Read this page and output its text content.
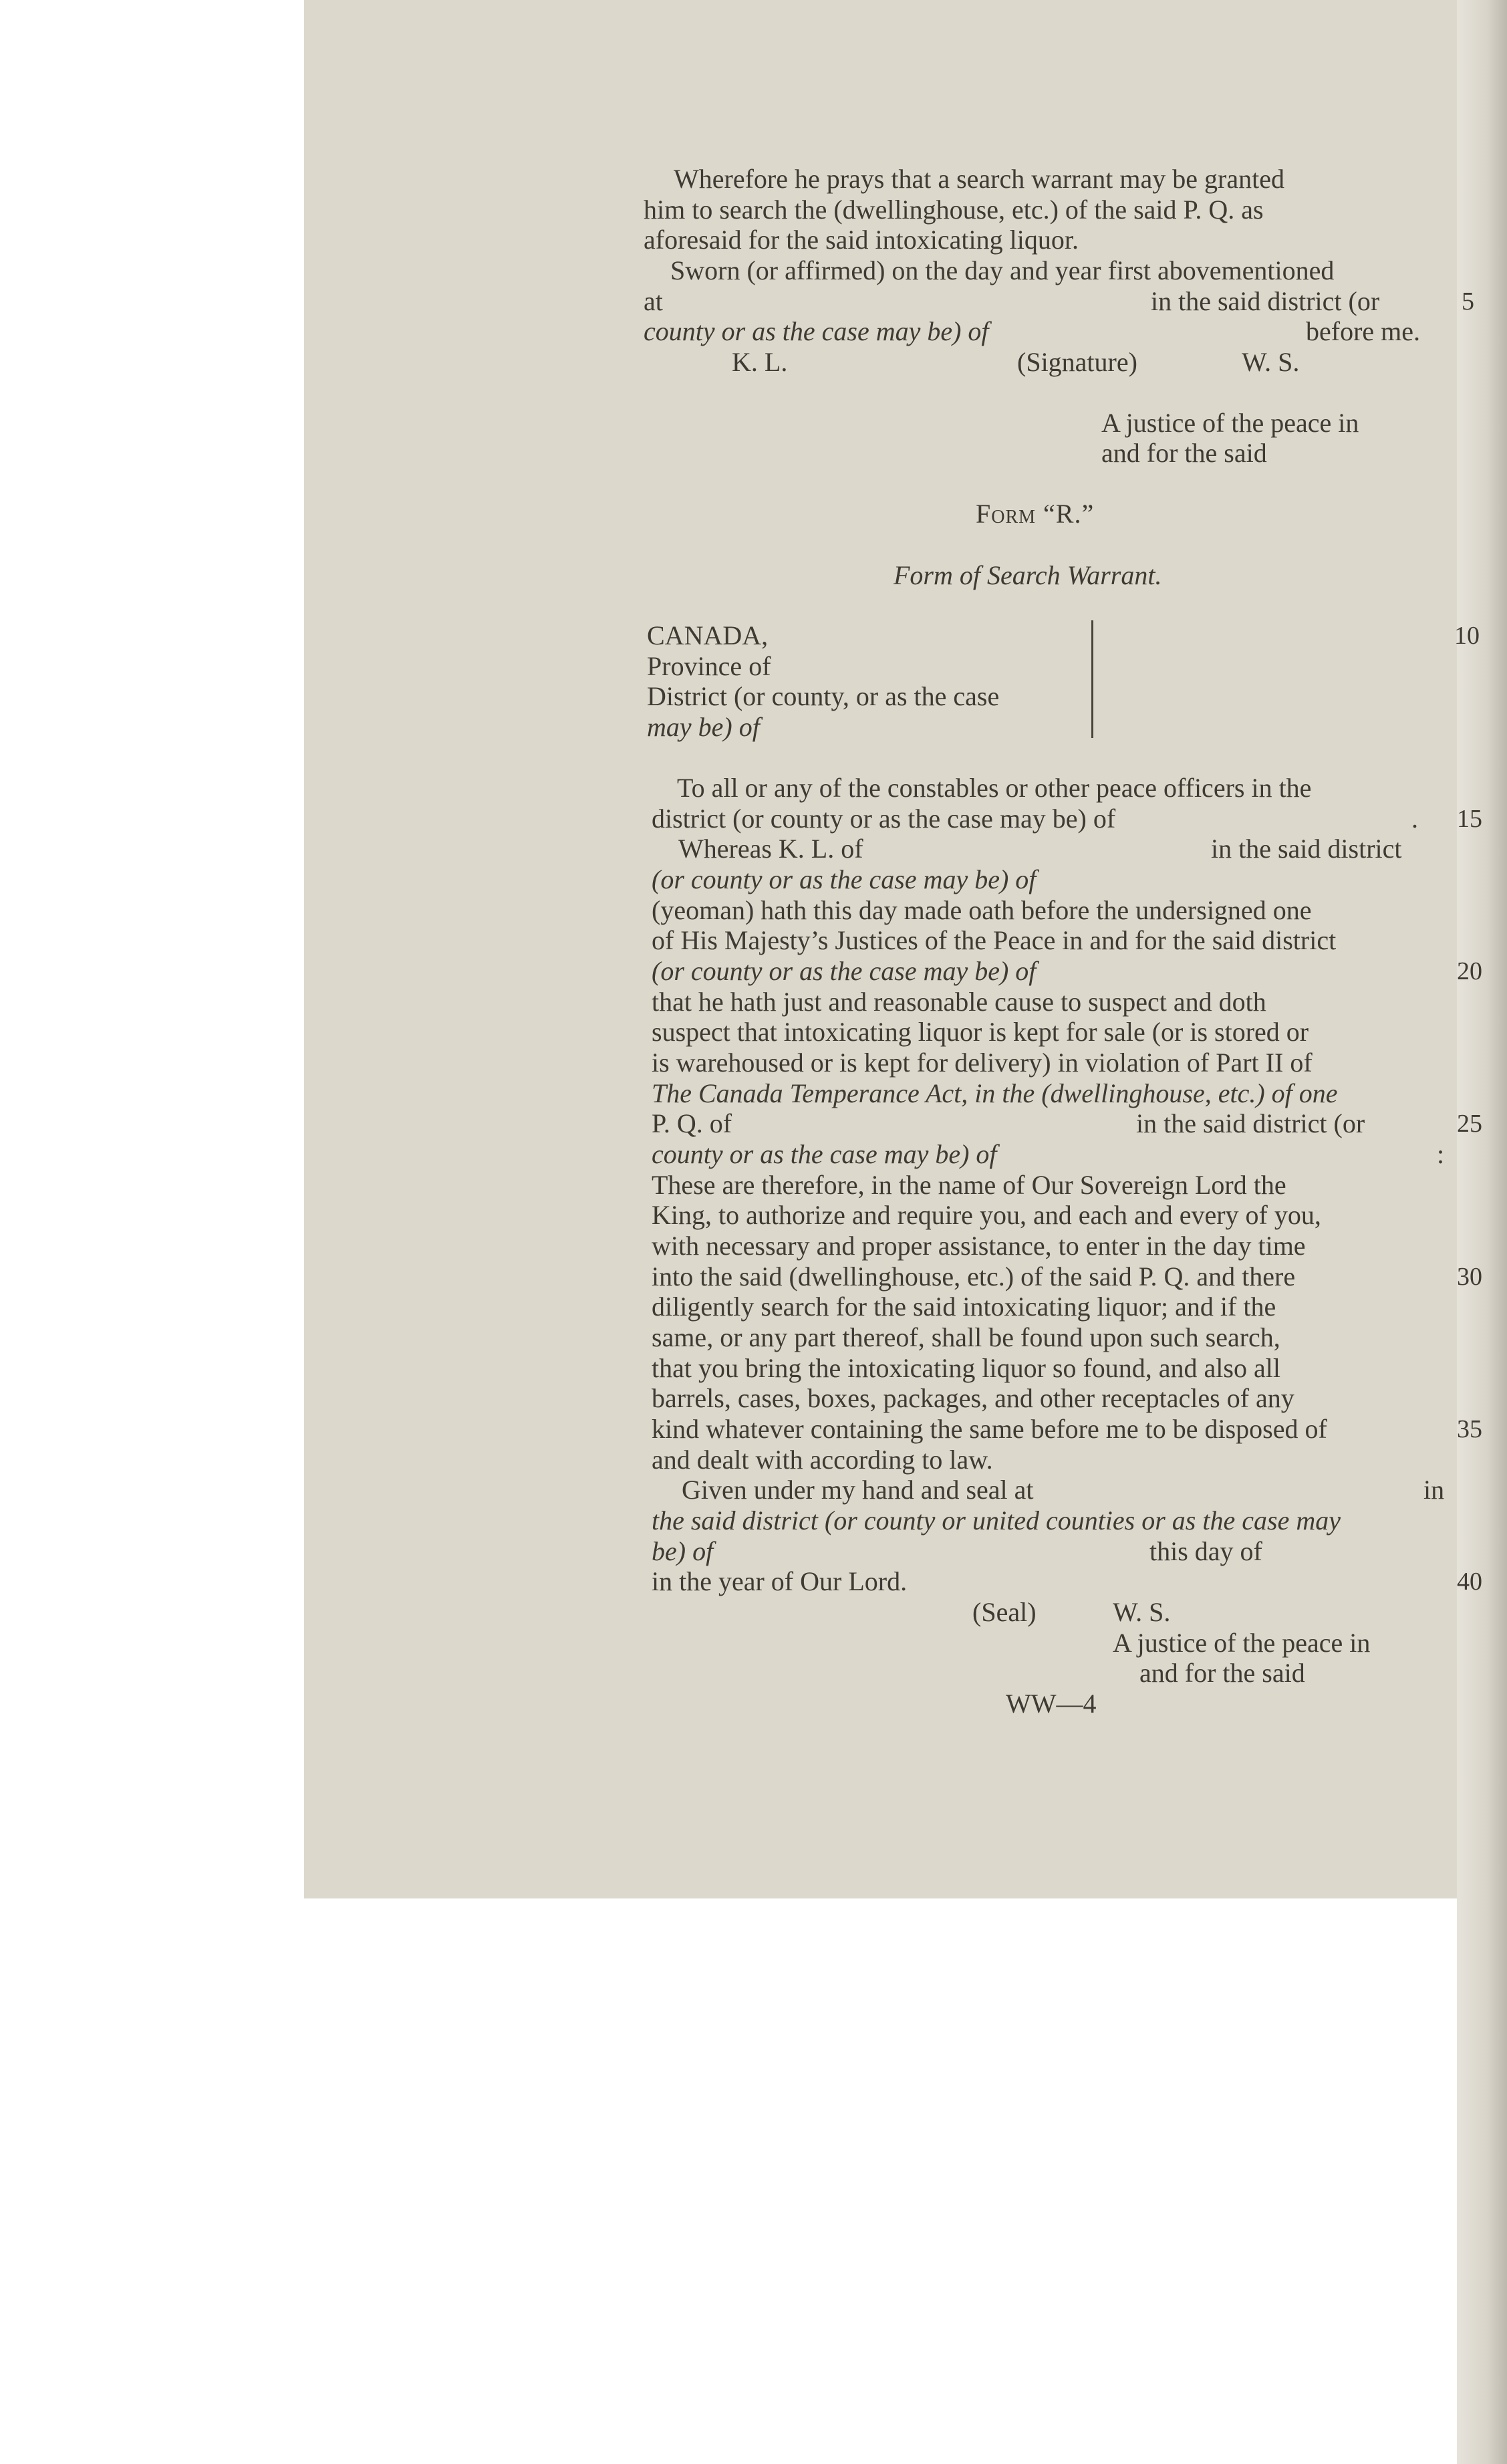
Wherefore he prays that a search warrant may be granted

him to search the (dwellinghouse, etc.) of the said P. Q. as

aforesaid for the said intoxicating liquor.

Sworn (or affirmed) on the day and year first abovementioned

at	in the said district (or

county or as the case may be) of	before me.

K. L.	(Signature)	W. S.

A justice of the peace in

and for the said

Form “R.”

Form of Search Warrant.

CANADA,

Province of

District (or county, or as the case

may be) of

To all or any of the constables or other peace officers in the

district (or county or as the case may be) of	.

Whereas K. L. of	in the said district

(or county or as the case may be) of

(yeoman) hath this day made oath before the undersigned one

of His Majesty’s Justices of the Peace in and for the said district

(or county or as the case may be) of

that he hath just and reasonable cause to suspect and doth

suspect that intoxicating liquor is kept for sale (or is stored or

is warehoused or is kept for delivery) in violation of Part II of

The Canada Temperance Act, in the (dwellinghouse, etc.) of one

P. Q. of	in the said district (or

county or as the case may be) of	:

These are therefore, in the name of Our Sovereign Lord the

King, to authorize and require you, and each and every of you,

with necessary and proper assistance, to enter in the day time

into the said (dwellinghouse, etc.) of the said P. Q. and there

diligently search for the said intoxicating liquor; and if the

same, or any part thereof, shall be found upon such search,

that you bring the intoxicating liquor so found, and also all

barrels, cases, boxes, packages, and other receptacles of any

kind whatever containing the same before me to be disposed of

and dealt with according to law.

Given under my hand and seal at	in

the said district (or county or united counties or as the case may

be) of	this day of

in the year of Our Lord.

(Seal)	W. S.

A justice of the peace in

and for the said

5
10
15
20
25
30
35
40

WW—4
